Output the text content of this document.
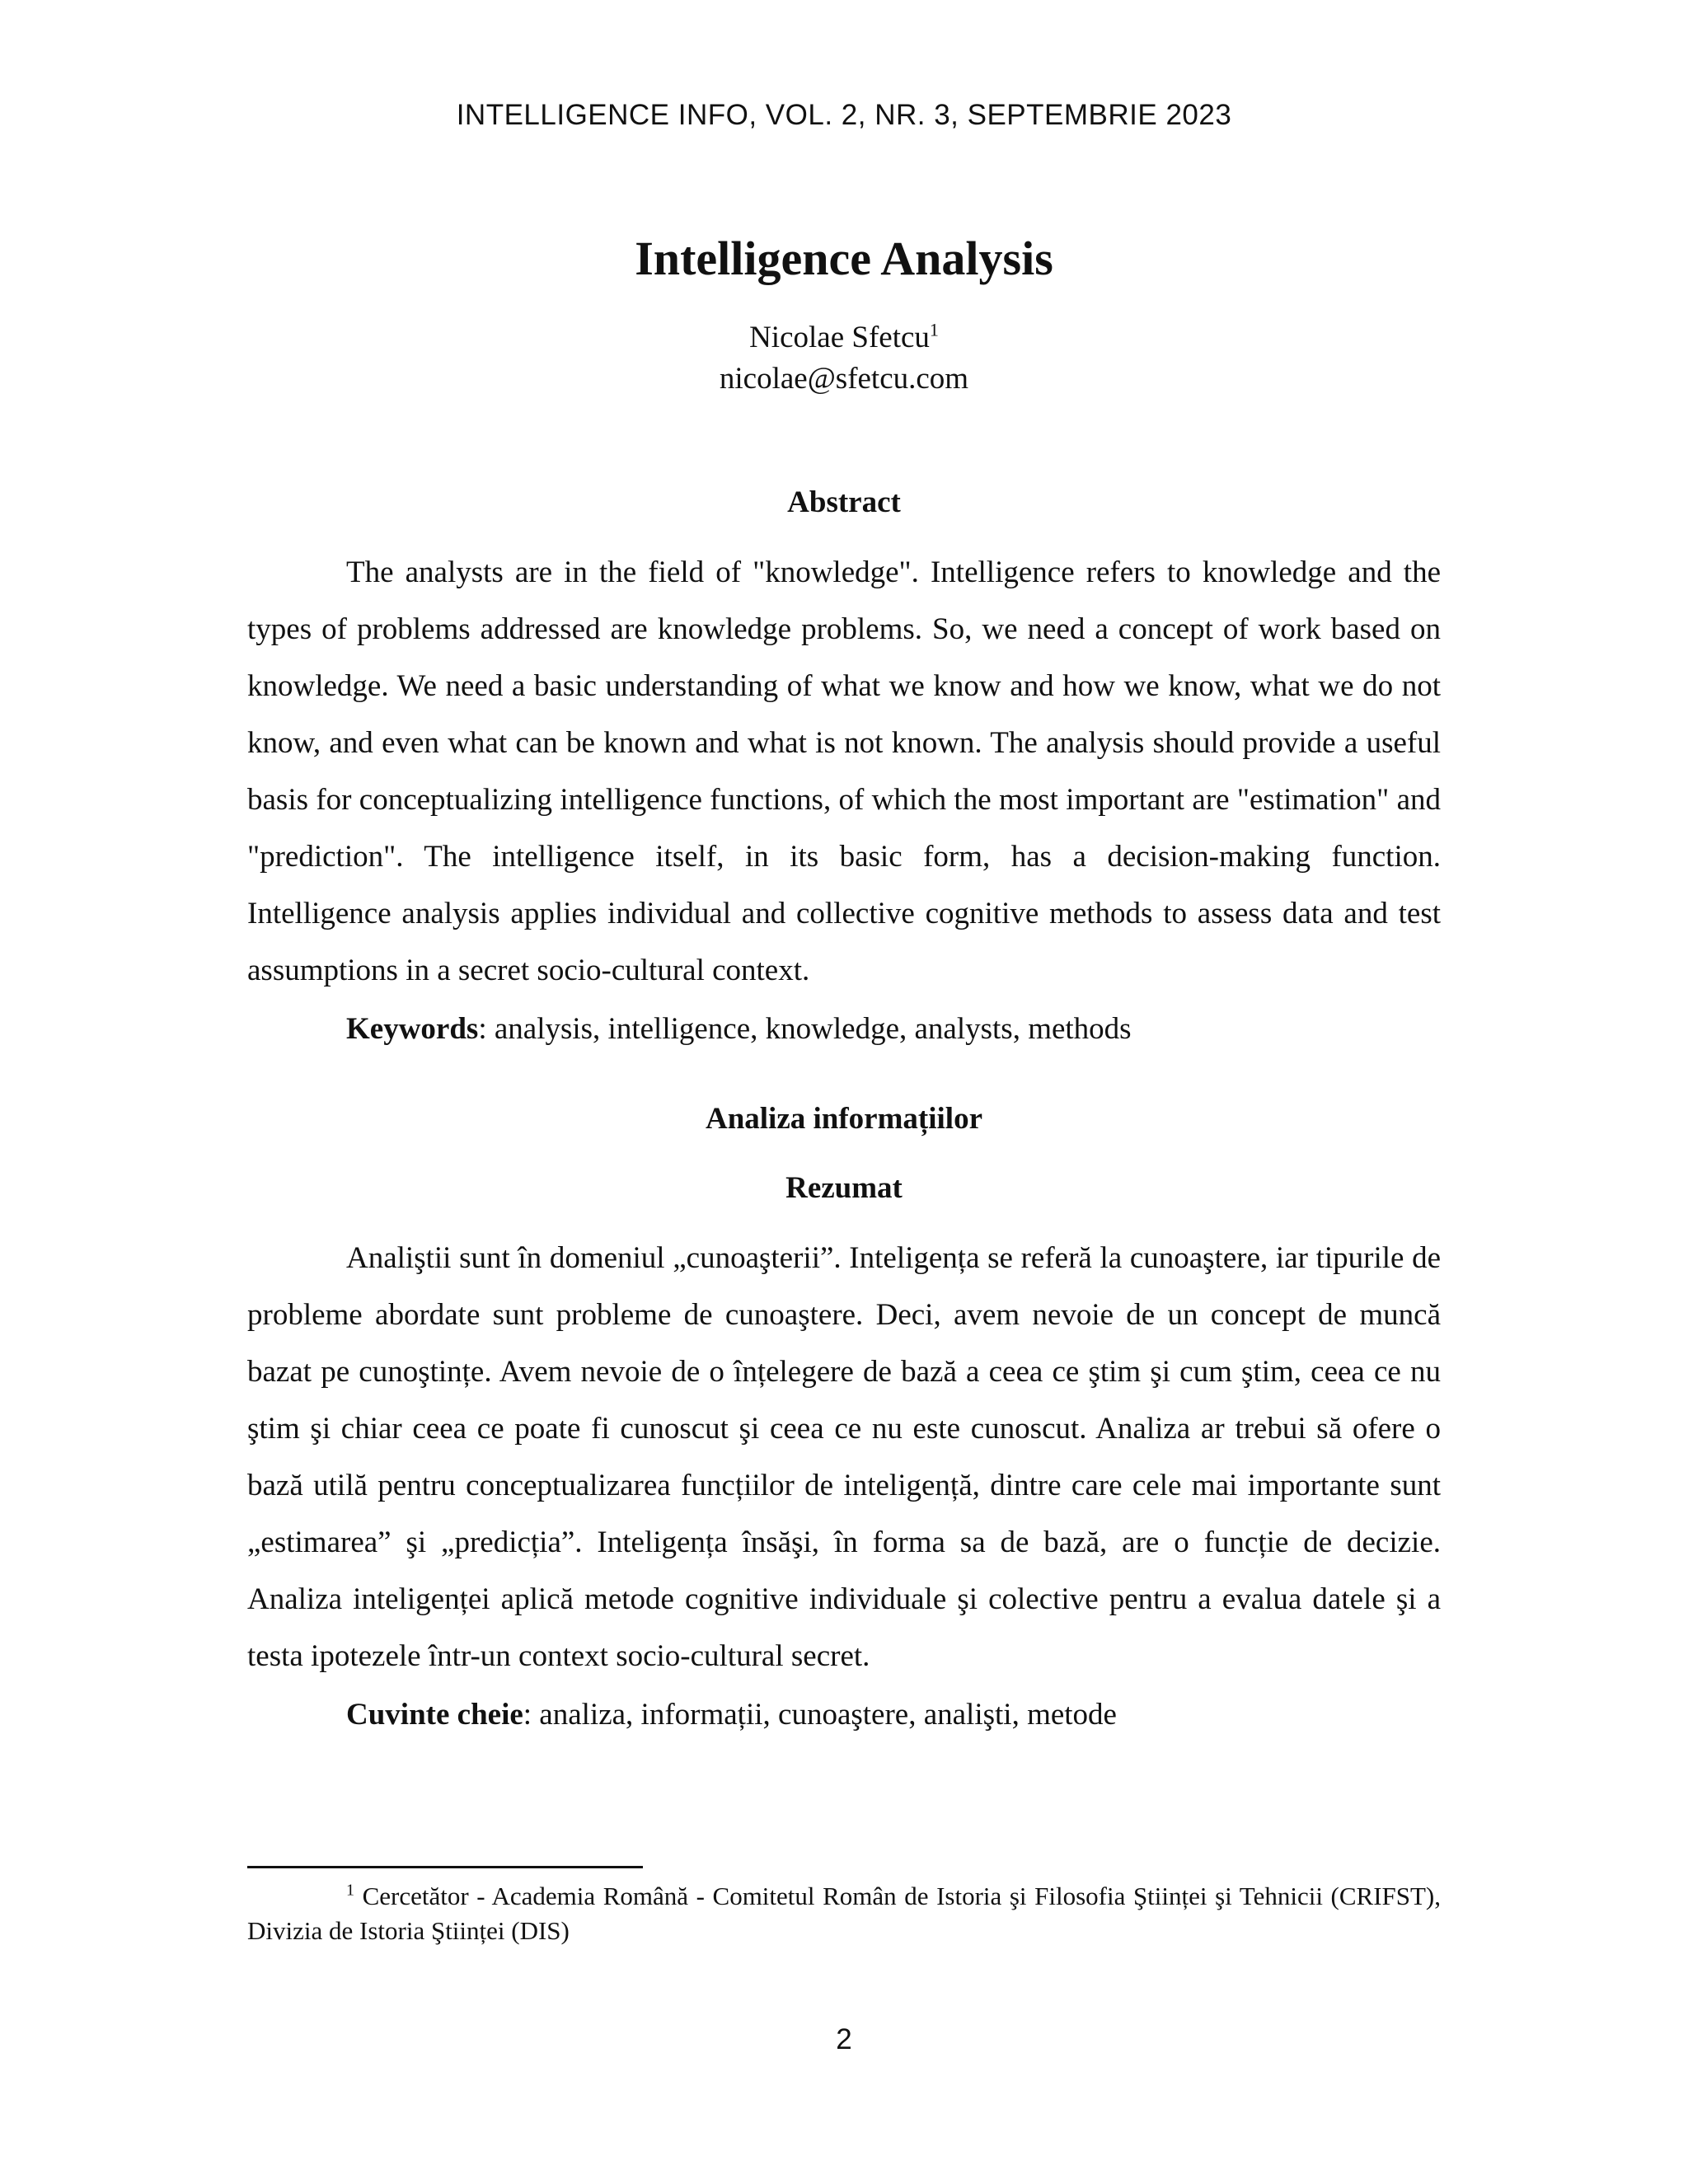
INTELLIGENCE INFO, VOL. 2, NR. 3, SEPTEMBRIE 2023
Intelligence Analysis
Nicolae Sfetcu$^1$
nicolae@sfetcu.com
Abstract

The analysts are in the field of "knowledge". Intelligence refers to knowledge and the types of problems addressed are knowledge problems. So, we need a concept of work based on knowledge. We need a basic understanding of what we know and how we know, what we do not know, and even what can be known and what is not known. The analysis should provide a useful basis for conceptualizing intelligence functions, of which the most important are "estimation" and "prediction". The intelligence itself, in its basic form, has a decision-making function. Intelligence analysis applies individual and collective cognitive methods to assess data and test assumptions in a secret socio-cultural context.

Keywords: analysis, intelligence, knowledge, analysts, methods
Analiza informațiilor
Rezumat

Analiştii sunt în domeniul „cunoaşterii”. Inteligența se referă la cunoaştere, iar tipurile de probleme abordate sunt probleme de cunoaştere. Deci, avem nevoie de un concept de muncă bazat pe cunoştințe. Avem nevoie de o înțelegere de bază a ceea ce ştim şi cum ştim, ceea ce nu ştim şi chiar ceea ce poate fi cunoscut şi ceea ce nu este cunoscut. Analiza ar trebui să ofere o bază utilă pentru conceptualizarea funcțiilor de inteligență, dintre care cele mai importante sunt „estimarea” şi „predicția”. Inteligența însăşi, în forma sa de bază, are o funcție de decizie. Analiza inteligenței aplică metode cognitive individuale şi colective pentru a evalua datele şi a testa ipotezele într-un context socio-cultural secret.

Cuvinte cheie: analiza, informații, cunoaştere, analişti, metode
$^1$ Cercetător - Academia Română - Comitetul Român de Istoria şi Filosofia Ştiinței şi Tehnicii (CRIFST), Divizia de Istoria Ştiinței (DIS)
2
